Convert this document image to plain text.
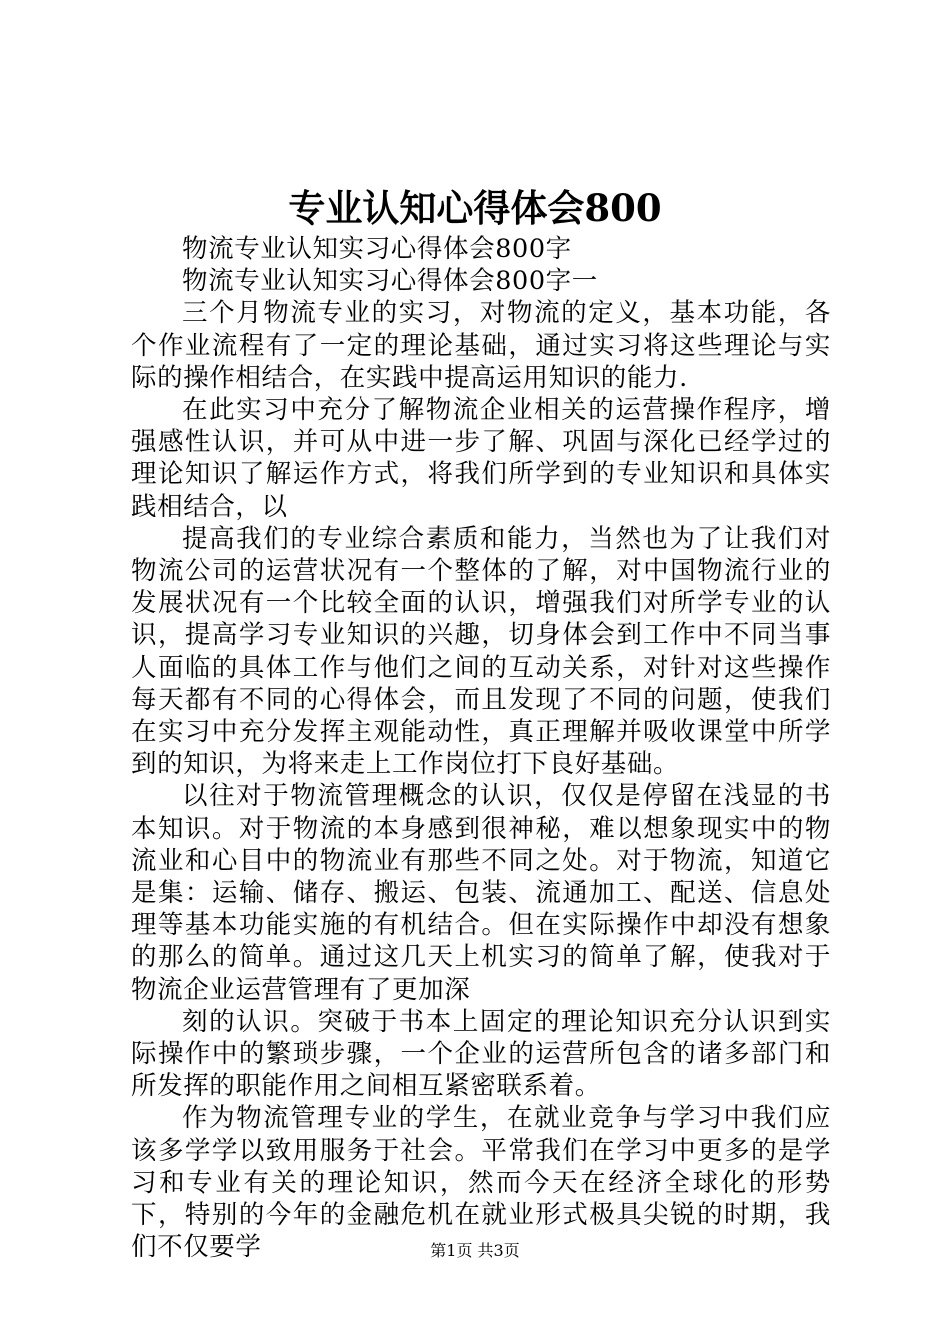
专业认知心得体会800

物流专业认知实习心得体会800字

物流专业认知实习心得体会800字一

三个月物流专业的实习，对物流的定义，基本功能，各个作业流程有了一定的理论基础，通过实习将这些理论与实际的操作相结合，在实践中提高运用知识的能力.

在此实习中充分了解物流企业相关的运营操作程序，增强感性认识，并可从中进一步了解、巩固与深化已经学过的理论知识了解运作方式，将我们所学到的专业知识和具体实践相结合，以

提高我们的专业综合素质和能力，当然也为了让我们对物流公司的运营状况有一个整体的了解，对中国物流行业的发展状况有一个比较全面的认识，增强我们对所学专业的认识，提高学习专业知识的兴趣，切身体会到工作中不同当事人面临的具体工作与他们之间的互动关系，对针对这些操作每天都有不同的心得体会，而且发现了不同的问题，使我们在实习中充分发挥主观能动性，真正理解并吸收课堂中所学到的知识，为将来走上工作岗位打下良好基础。

以往对于物流管理概念的认识，仅仅是停留在浅显的书本知识。对于物流的本身感到很神秘，难以想象现实中的物流业和心目中的物流业有那些不同之处。对于物流，知道它是集：运输、储存、搬运、包装、流通加工、配送、信息处理等基本功能实施的有机结合。但在实际操作中却没有想象的那么的简单。通过这几天上机实习的简单了解，使我对于物流企业运营管理有了更加深

刻的认识。突破于书本上固定的理论知识充分认识到实际操作中的繁琐步骤，一个企业的运营所包含的诸多部门和所发挥的职能作用之间相互紧密联系着。

作为物流管理专业的学生，在就业竞争与学习中我们应该多学学以致用服务于社会。平常我们在学习中更多的是学习和专业有关的理论知识，然而今天在经济全球化的形势下，特别的今年的金融危机在就业形式极具尖锐的时期，我们不仅要学	第1页 共3页
